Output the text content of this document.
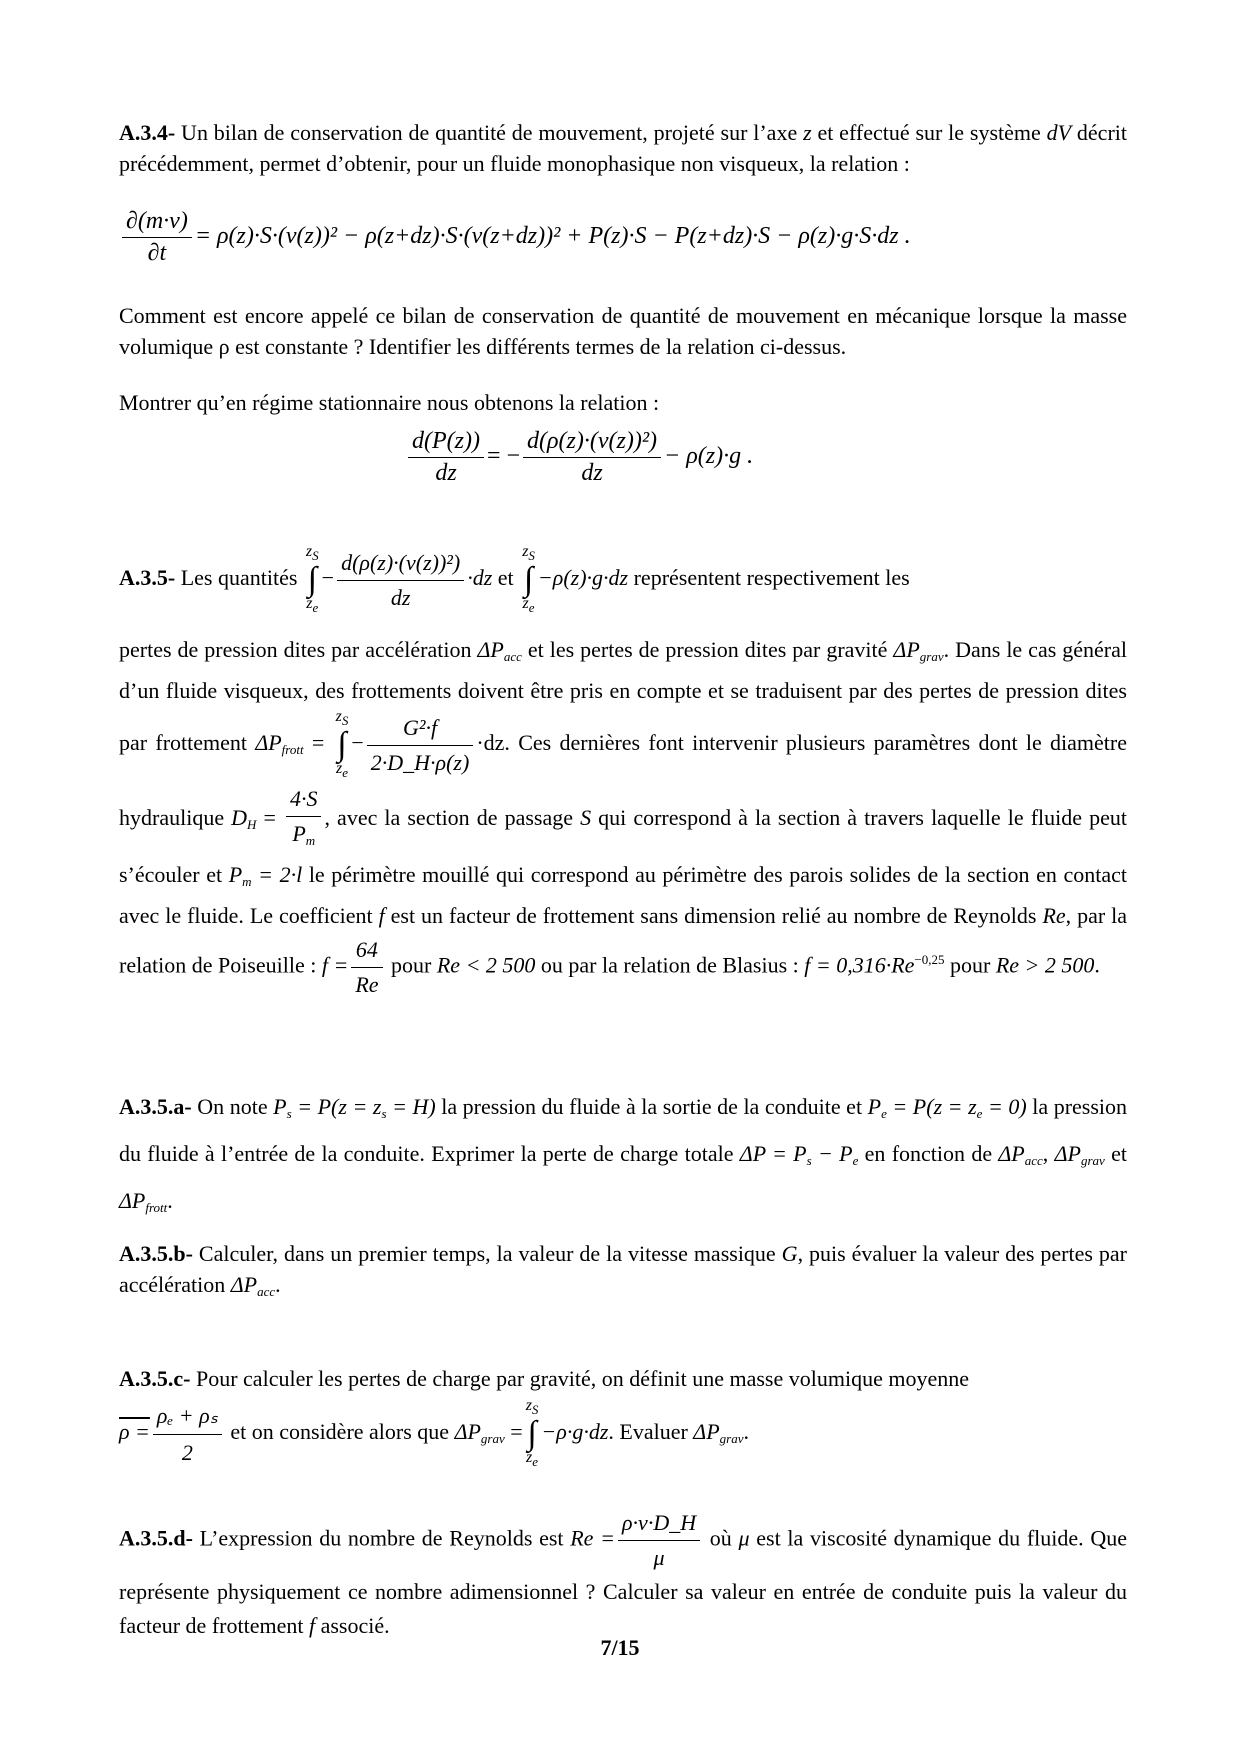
A.3.4- Un bilan de conservation de quantité de mouvement, projeté sur l’axe z et effectué sur le système dV décrit précédemment, permet d’obtenir, pour un fluide monophasique non visqueux, la relation :
$\frac{\partial(m\cdot v)}{\partial t} = \rho(z)\cdot S\cdot(v(z))^2 - \rho(z+dz)\cdot S\cdot(v(z+dz))^2 + P(z)\cdot S - P(z+dz)\cdot S - \rho(z)\cdot g\cdot S\cdot dz$ .
Comment est encore appelé ce bilan de conservation de quantité de mouvement en mécanique lorsque la masse volumique ρ est constante ? Identifier les différents termes de la relation ci-dessus.
Montrer qu’en régime stationnaire nous obtenons la relation :
$\frac{d(P(z))}{dz}$ = − $\frac{\text{d(ρ(z)·(v(z))²)}}{dz} - \rho(z)\cdot g$ .
A.3.5- Les quantités
$z_S$
∫
$z_e$
− $\frac{\text{d(ρ(z)·(v(z))²)}}{dz} \cdot dz$ et
$z_S$
∫
$z_e$
−ρ(z)·g·dz représentent respectivement les
pertes de pression dites par accélération $\Delta P_{acc}$ et les pertes de pression dites par gravité $\Delta P_{grav}$. Dans le cas général d’un fluide visqueux, des frottements doivent être pris en compte et se traduisent par des pertes de pression dites par frottement $\Delta P_{frott}$ =
$z_S$
∫
$z_e$
− $\frac{\text{G²·f}}{2\cdot D\_H\cdot\rho(z)} \cdot dz$. Ces dernières font intervenir plusieurs paramètres dont le diamètre hydraulique $D_H = \frac{4\cdot S}{P_m}$ , avec la section de passage S qui correspond à la section à travers laquelle le fluide peut s’écouler et $P_m = 2\cdot l$ le périmètre mouillé qui correspond au périmètre des parois solides de la section en contact avec le fluide. Le coefficient f est un facteur de frottement sans dimension relié au nombre de Reynolds Re, par la relation de Poiseuille : $f = \frac{64}{Re}$ pour Re < 2 500 ou par la relation de Blasius : $f = 0,316\cdot Re^{-0,25}$ pour Re > 2 500.
A.3.5.a- On note $P_s = P(z = z_s = H)$ la pression du fluide à la sortie de la conduite et $P_e = P(z = z_e = 0)$ la pression du fluide à l’entrée de la conduite. Exprimer la perte de charge totale $\Delta P = P_s - P_e$ en fonction de $\Delta P_{acc}$, $\Delta P_{grav}$ et $\Delta P_{frott}$.
A.3.5.b- Calculer, dans un premier temps, la valeur de la vitesse massique G, puis évaluer la valeur des pertes par accélération $\Delta P_{acc}$.
A.3.5.c- Pour calculer les pertes de charge par gravité, on définit une masse volumique moyenne
$\rho = \frac{\text{ρₑ + ρₛ}}{2}$ et on considère alors que $\Delta P_{grav}$ =
$z_S$
∫
$z_e$
−ρ·g·dz. Evaluer $\Delta P_{grav}$.
A.3.5.d- L’expression du nombre de Reynolds est $Re = \frac{\rho\cdot v\cdot D\_H}{\mu}$ où μ est la viscosité dynamique du fluide. Que représente physiquement ce nombre adimensionnel ? Calculer sa valeur en entrée de conduite puis la valeur du facteur de frottement f associé.
7/15
